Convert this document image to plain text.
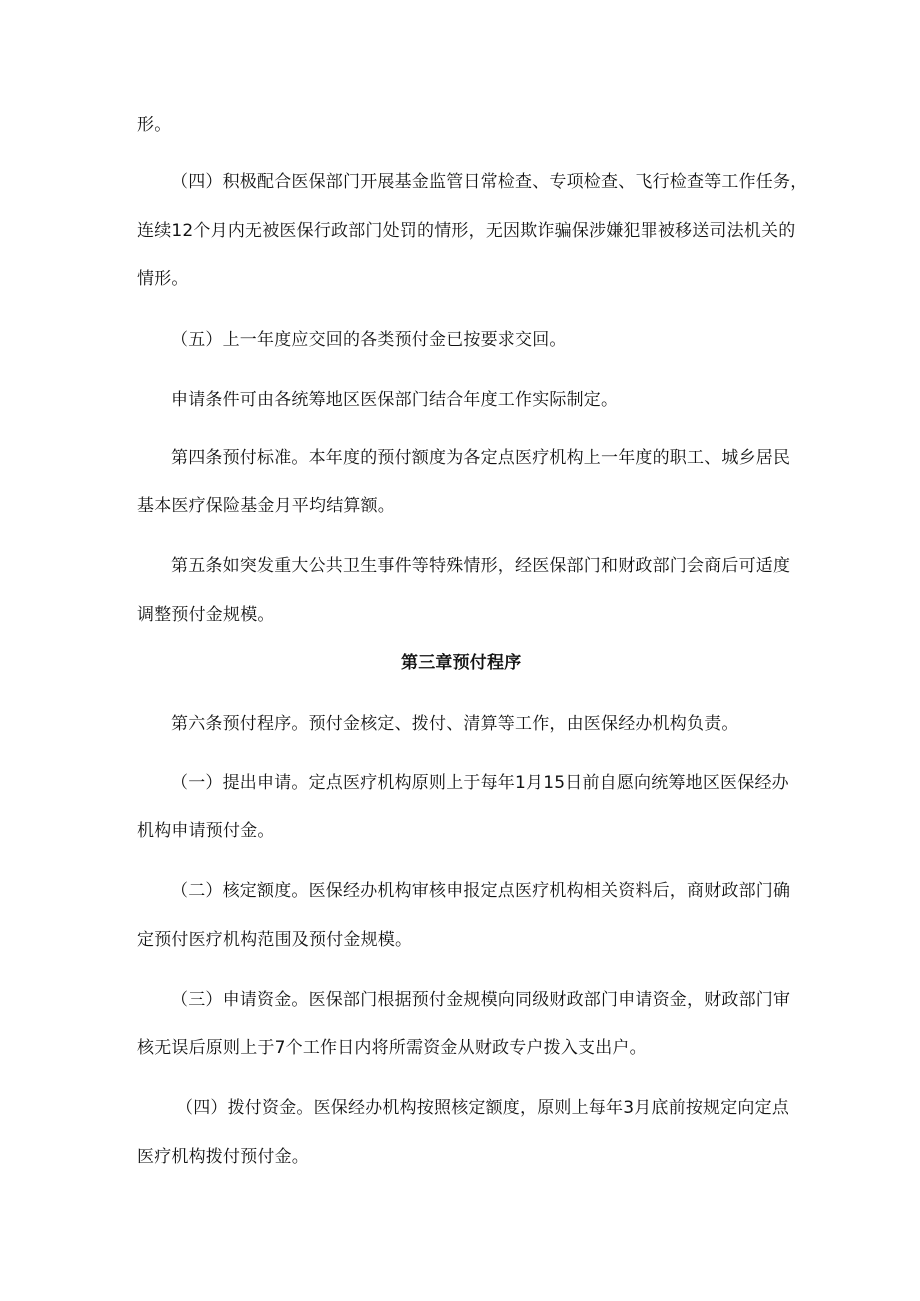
形。

（四）积极配合医保部门开展基金监管日常检查、专项检查、飞行检查等工作任务，

连续12个月内无被医保行政部门处罚的情形，无因欺诈骗保涉嫌犯罪被移送司法机关的

情形。

（五）上一年度应交回的各类预付金已按要求交回。

申请条件可由各统筹地区医保部门结合年度工作实际制定。

第四条预付标准。本年度的预付额度为各定点医疗机构上一年度的职工、城乡居民

基本医疗保险基金月平均结算额。

第五条如突发重大公共卫生事件等特殊情形，经医保部门和财政部门会商后可适度

调整预付金规模。

第三章预付程序

第六条预付程序。预付金核定、拨付、清算等工作，由医保经办机构负责。

（一）提出申请。定点医疗机构原则上于每年1月15日前自愿向统筹地区医保经办

机构申请预付金。

（二）核定额度。医保经办机构审核申报定点医疗机构相关资料后，商财政部门确

定预付医疗机构范围及预付金规模。

（三）申请资金。医保部门根据预付金规模向同级财政部门申请资金，财政部门审

核无误后原则上于7个工作日内将所需资金从财政专户拨入支出户。

（四）拨付资金。医保经办机构按照核定额度，原则上每年3月底前按规定向定点

医疗机构拨付预付金。
